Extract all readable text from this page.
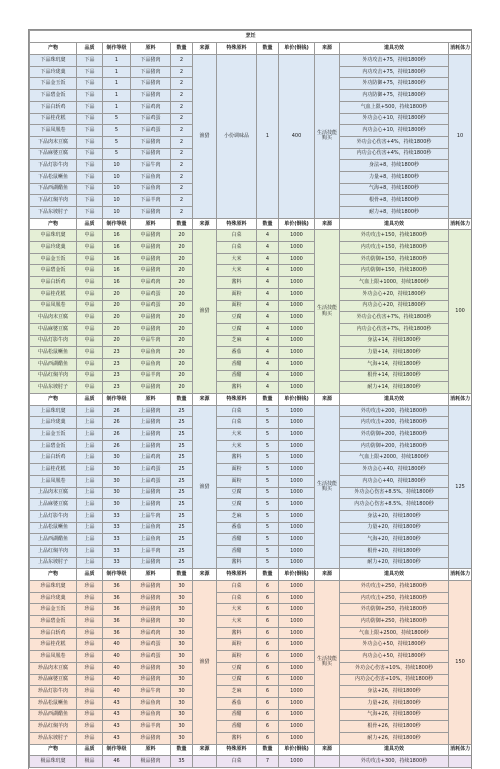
烹饪											
产物	品质	制作等级	原料	数量	来源	特殊原料	数量	单价(铜钱)	来源	道具功效	消耗体力
下品珠玑窠	下品	1	下品猪肉	2	渔猎	小份调味品	1	400	生活技能购买	外功攻击+75，持续1800秒	10
下品玲珑羹	下品	1	下品猪肉	2						内功攻击+75，持续1800秒	
下品金玉饭	下品	1	下品猪肉	2						外功防御+75，持续1800秒	
下品碧金饭	下品	1	下品猪肉	2						内功防御+75，持续1800秒	
下品白斩鸡	下品	1	下品鸡肉	2						气血上限+500，持续1800秒	
下品桂花糕	下品	5	下品鸡蛋	2						外功会心+10，持续1800秒	
下品凤凰卷	下品	5	下品鸡蛋	2						内功会心+10，持续1800秒	
下品肉末豆腐	下品	5	下品猪肉	2						外功会心伤害+4%，持续1800秒	
下品麻婆豆腐	下品	5	下品猪肉	2						内功会心伤害+4%，持续1800秒	
下品灯影牛肉	下品	10	下品牛肉	2						身法+8，持续1800秒	
下品松鼠鳜鱼	下品	10	下品鱼肉	2						力量+8，持续1800秒	
下品西湖醋鱼	下品	10	下品鱼肉	2						气海+8，持续1800秒	
下品红焖羊肉	下品	10	下品羊肉	2						根骨+8，持续1800秒	
下品东坡肘子	下品	10	下品猪肉	2						耐力+8，持续1800秒	
产物	品质	制作等级	原料	数量	来源	特殊原料	数量	单价(铜钱)	来源	道具功效	消耗体力
中品珠玑窠	中品	16	中品猪肉	20	渔猎	白菜	4	1000	生活技能购买	外功攻击+150，持续1800秒	100
中品玲珑羹	中品	16	中品猪肉	20		白菜	4	1000		内功攻击+150，持续1800秒	
中品金玉饭	中品	16	中品猪肉	20		大米	4	1000		外功防御+150，持续1800秒	
中品碧金饭	中品	16	中品猪肉	20		大米	4	1000		内功防御+150，持续1800秒	
中品白斩鸡	中品	16	中品鸡肉	20		酱料	4	1000		气血上限+1000，持续1800秒	
中品桂花糕	中品	20	中品鸡蛋	20		面粉	4	1000		外功会心+20，持续1800秒	
中品凤凰卷	中品	20	中品鸡蛋	20		面粉	4	1000		内功会心+20，持续1800秒	
中品肉末豆腐	中品	20	中品猪肉	20		豆腐	4	1000		外功会心伤害+7%，持续1800秒	
中品麻婆豆腐	中品	20	中品猪肉	20		豆腐	4	1000		内功会心伤害+7%，持续1800秒	
中品灯影牛肉	中品	20	中品牛肉	20		芝麻	4	1000		身法+14，持续1800秒	
中品松鼠鳜鱼	中品	23	中品鱼肉	20		番茄	4	1000		力量+14，持续1800秒	
中品西湖醋鱼	中品	23	中品鱼肉	20		香醋	4	1000		气海+14，持续1800秒	
中品红焖羊肉	中品	23	中品羊肉	20		香醋	4	1000		根骨+14，持续1800秒	
中品东坡肘子	中品	23	中品猪肉	20		酱料	4	1000		耐力+14，持续1800秒	
产物	品质	制作等级	原料	数量	来源	特殊原料	数量	单价(铜钱)	来源	道具功效	消耗体力
上品珠玑窠	上品	26	上品猪肉	25	渔猎	白菜	5	1000	生活技能购买	外功攻击+200，持续1800秒	125
上品玲珑羹	上品	26	上品猪肉	25		白菜	5	1000		内功攻击+200，持续1800秒	
上品金玉饭	上品	26	上品猪肉	25		大米	5	1000		外功防御+200，持续1800秒	
上品碧金饭	上品	26	上品猪肉	25		大米	5	1000		内功防御+200，持续1800秒	
上品白斩鸡	上品	30	上品鸡肉	25		酱料	5	1000		气血上限+2000，持续1800秒	
上品桂花糕	上品	30	上品鸡蛋	25		面粉	5	1000		外功会心+40，持续1800秒	
上品凤凰卷	上品	30	上品鸡蛋	25		面粉	5	1000		内功会心+40，持续1800秒	
上品肉末豆腐	上品	30	上品猪肉	25		豆腐	5	1000		外功会心伤害+8.5%，持续1800秒	
上品麻婆豆腐	上品	30	上品猪肉	25		豆腐	5	1000		内功会心伤害+8.5%，持续1800秒	
上品灯影牛肉	上品	33	上品牛肉	25		芝麻	5	1000		身法+20，持续1800秒	
上品松鼠鳜鱼	上品	33	上品鱼肉	25		番茄	5	1000		力量+20，持续1800秒	
上品西湖醋鱼	上品	33	上品鱼肉	25		香醋	5	1000		气海+20，持续1800秒	
上品红焖羊肉	上品	33	上品羊肉	25		香醋	5	1000		根骨+20，持续1800秒	
上品东坡肘子	上品	33	上品猪肉	25		酱料	5	1000		耐力+20，持续1800秒	
产物	品质	制作等级	原料	数量	来源	特殊原料	数量	单价(铜钱)	来源	道具功效	消耗体力
珍品珠玑窠	珍品	36	珍品猪肉	30	渔猎	白菜	6	1000	生活技能购买	外功攻击+250，持续1800秒	150
珍品玲珑羹	珍品	36	珍品猪肉	30		白菜	6	1000		内功攻击+250，持续1800秒	
珍品金玉饭	珍品	36	珍品猪肉	30		大米	6	1000		外功防御+250，持续1800秒	
珍品碧金饭	珍品	36	珍品猪肉	30		大米	6	1000		内功防御+250，持续1800秒	
珍品白斩鸡	珍品	36	珍品鸡肉	30		酱料	6	1000		气血上限+2500，持续1800秒	
珍品桂花糕	珍品	40	珍品鸡蛋	30		面粉	6	1000		外功会心+50，持续1800秒	
珍品凤凰卷	珍品	40	珍品鸡蛋	30		面粉	6	1000		内功会心+50，持续1800秒	
珍品肉末豆腐	珍品	40	珍品猪肉	30		豆腐	6	1000		外功会心伤害+10%，持续1800秒	
珍品麻婆豆腐	珍品	40	珍品猪肉	30		豆腐	6	1000		内功会心伤害+10%，持续1800秒	
珍品灯影牛肉	珍品	40	珍品牛肉	30		芝麻	6	1000		身法+26，持续1800秒	
珍品松鼠鳜鱼	珍品	43	珍品鱼肉	30		番茄	6	1000		力量+26，持续1800秒	
珍品西湖醋鱼	珍品	43	珍品鱼肉	30		香醋	6	1000		气海+26，持续1800秒	
珍品红焖羊肉	珍品	43	珍品羊肉	30		香醋	6	1000		根骨+26，持续1800秒	
珍品东坡肘子	珍品	43	珍品猪肉	30		酱料	6	1000		耐力+26，持续1800秒	
产物	品质	制作等级	原料	数量	来源	特殊原料	数量	单价(铜钱)	来源	道具功效	消耗体力
极品珠玑窠	极品	46	极品猪肉	35		白菜	7	1000		外功攻击+300，持续1800秒	
